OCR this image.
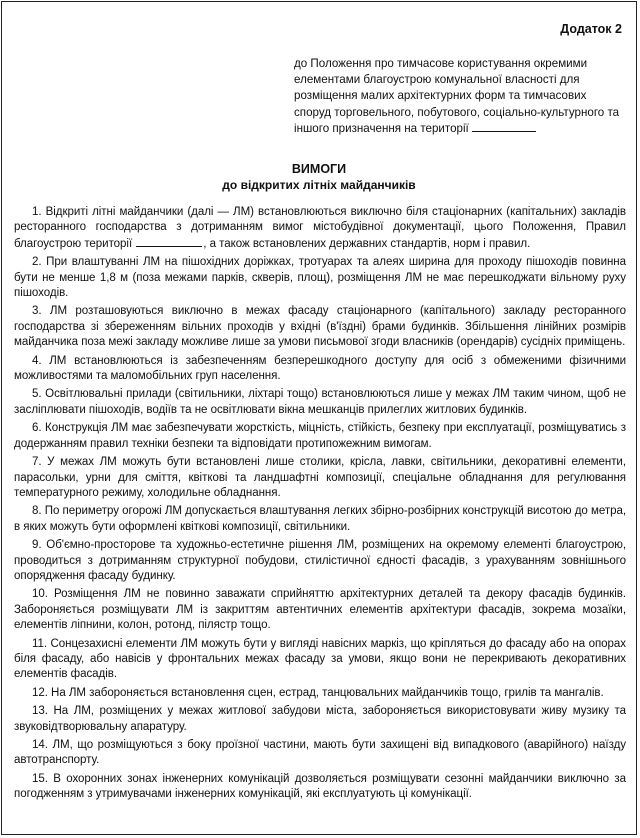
Додаток 2

до Положення про тимчасове користування окремими елементами благоустрою комунальної власності для розміщення малих архітектурних форм та тимчасових споруд торговельного, побутового, соціально-культурного та іншого призначення на території

ВИМОГИ

до відкритих літніх майданчиків

1. Відкриті літні майданчики (далі — ЛМ) встановлюються виключно біля стаціонарних (капітальних) закладів ресторанного господарства з дотриманням вимог містобудівної документації, цього Положення, Правил благоустрою території	, а також встановлених державних стандартів, норм і правил.

2. При влаштуванні ЛМ на пішохідних доріжках, тротуарах та алеях ширина для проходу пішоходів повинна бути не менше 1,8 м (поза межами парків, скверів, площ), розміщення ЛМ не має перешкоджати вільному руху пішоходів.

3. ЛМ розташовуються виключно в межах фасаду стаціонарного (капітального) закладу ресторанного господарства зі збереженням вільних проходів у вхідні (в'їздні) брами будинків. Збільшення лінійних розмірів майданчика поза межі закладу можливе лише за умови письмової згоди власників (орендарів) сусідніх приміщень.

4. ЛМ встановлюються із забезпеченням безперешкодного доступу для осіб з обмеженими фізичними можливостями та маломобільних груп населення.

5. Освітлювальні прилади (світильники, ліхтарі тощо) встановлюються лише у межах ЛМ таким чином, щоб не засліплювати пішоходів, водіїв та не освітлювати вікна мешканців прилеглих житлових будинків.

6. Конструкція ЛМ має забезпечувати жорсткість, міцність, стійкість, безпеку при експлуатації, розміщуватись з додержанням правил техніки безпеки та відповідати протипожежним вимогам.

7. У межах ЛМ можуть бути встановлені лише столики, крісла, лавки, світильники, декоративні елементи, парасольки, урни для сміття, квіткові та ландшафтні композиції, спеціальне обладнання для регулювання температурного режиму, холодильне обладнання.

8. По периметру огорожі ЛМ допускається влаштування легких збірно-розбірних конструкцій висотою до метра, в яких можуть бути оформлені квіткові композиції, світильники.

9. Об'ємно-просторове та художньо-естетичне рішення ЛМ, розміщених на окремому елементі благоустрою, проводиться з дотриманням структурної побудови, стилістичної єдності фасадів, з урахуванням зовнішнього опорядження фасаду будинку.

10. Розміщення ЛМ не повинно заважати сприйняттю архітектурних деталей та декору фасадів будинків. Забороняється розміщувати ЛМ із закриттям автентичних елементів архітектури фасадів, зокрема мозаїки, елементів ліпнини, колон, ротонд, пілястр тощо.

11. Сонцезахисні елементи ЛМ можуть бути у вигляді навісних маркіз, що кріпляться до фасаду або на опорах біля фасаду, або навісів у фронтальних межах фасаду за умови, якщо вони не перекривають декоративних елементів фасадів.

12. На ЛМ забороняється встановлення сцен, естрад, танцювальних майданчиків тощо, грилів та мангалів.

13. На ЛМ, розміщених у межах житлової забудови міста, забороняється використовувати живу музику та звуковідтворювальну апаратуру.

14. ЛМ, що розміщуються з боку проїзної частини, мають бути захищені від випадкового (аварійного) наїзду автотранспорту.

15. В охоронних зонах інженерних комунікацій дозволяється розміщувати сезонні майданчики виключно за погодженням з утримувачами інженерних комунікацій, які експлуатують ці комунікації.
